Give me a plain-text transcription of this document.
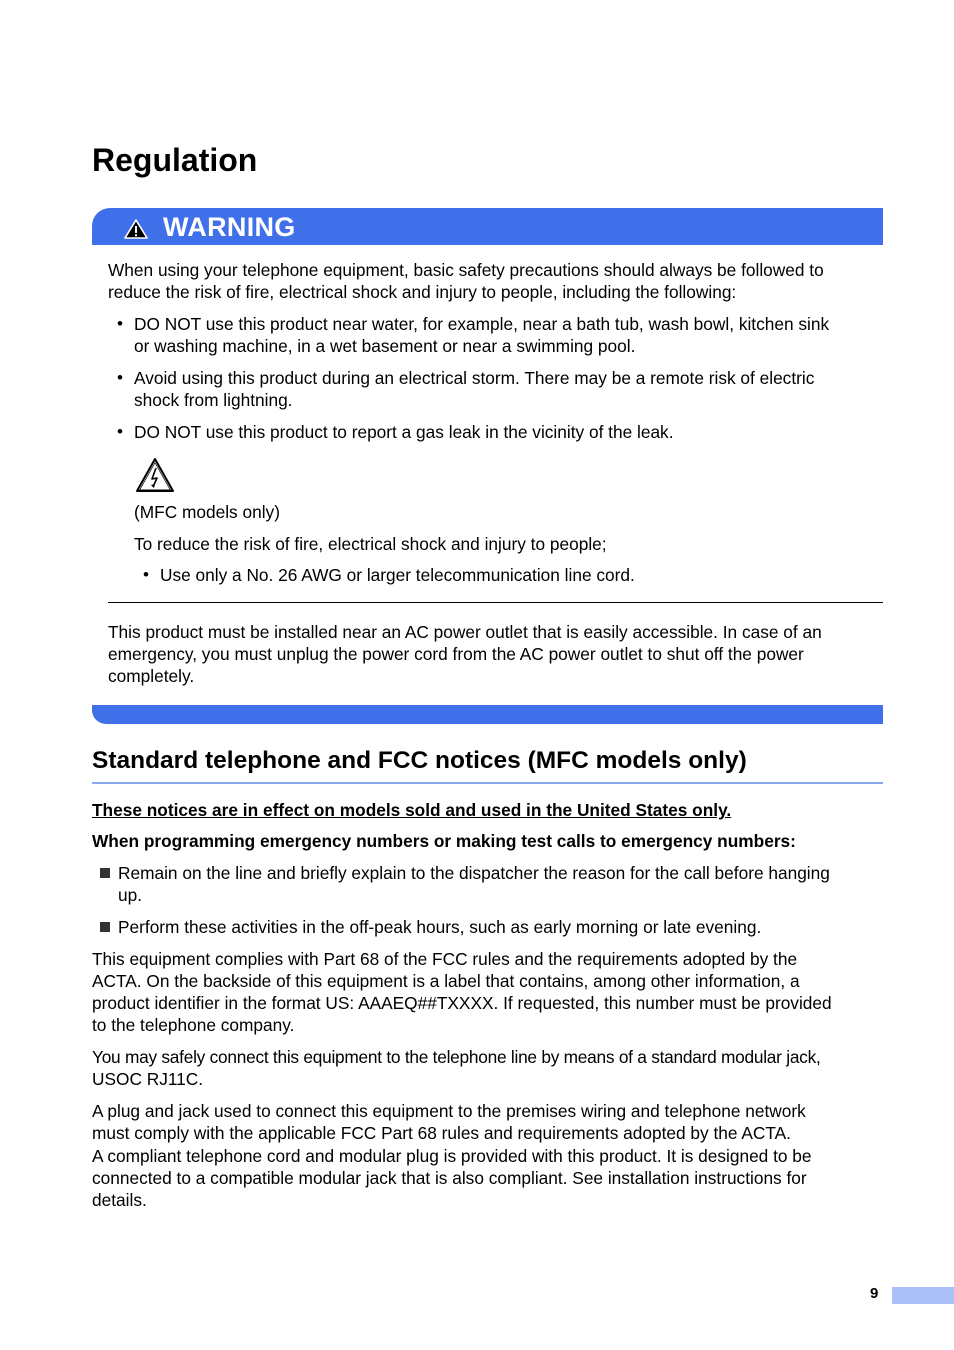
Regulation
WARNING
When using your telephone equipment, basic safety precautions should always be followed to
reduce the risk of fire, electrical shock and injury to people, including the following:
• DO NOT use this product near water, for example, near a bath tub, wash bowl, kitchen sink
or washing machine, in a wet basement or near a swimming pool.
• Avoid using this product during an electrical storm. There may be a remote risk of electric
shock from lightning.
• DO NOT use this product to report a gas leak in the vicinity of the leak.
(MFC models only)
To reduce the risk of fire, electrical shock and injury to people;
• Use only a No. 26 AWG or larger telecommunication line cord.
This product must be installed near an AC power outlet that is easily accessible. In case of an
emergency, you must unplug the power cord from the AC power outlet to shut off the power
completely.
Standard telephone and FCC notices (MFC models only)
These notices are in effect on models sold and used in the United States only.
When programming emergency numbers or making test calls to emergency numbers:
Remain on the line and briefly explain to the dispatcher the reason for the call before hanging
up.
Perform these activities in the off-peak hours, such as early morning or late evening.
This equipment complies with Part 68 of the FCC rules and the requirements adopted by the
ACTA. On the backside of this equipment is a label that contains, among other information, a
product identifier in the format US: AAAEQ##TXXXX. If requested, this number must be provided
to the telephone company.
You may safely connect this equipment to the telephone line by means of a standard modular jack,
USOC RJ11C.
A plug and jack used to connect this equipment to the premises wiring and telephone network
must comply with the applicable FCC Part 68 rules and requirements adopted by the ACTA.
A compliant telephone cord and modular plug is provided with this product. It is designed to be
connected to a compatible modular jack that is also compliant. See installation instructions for
details.
9
